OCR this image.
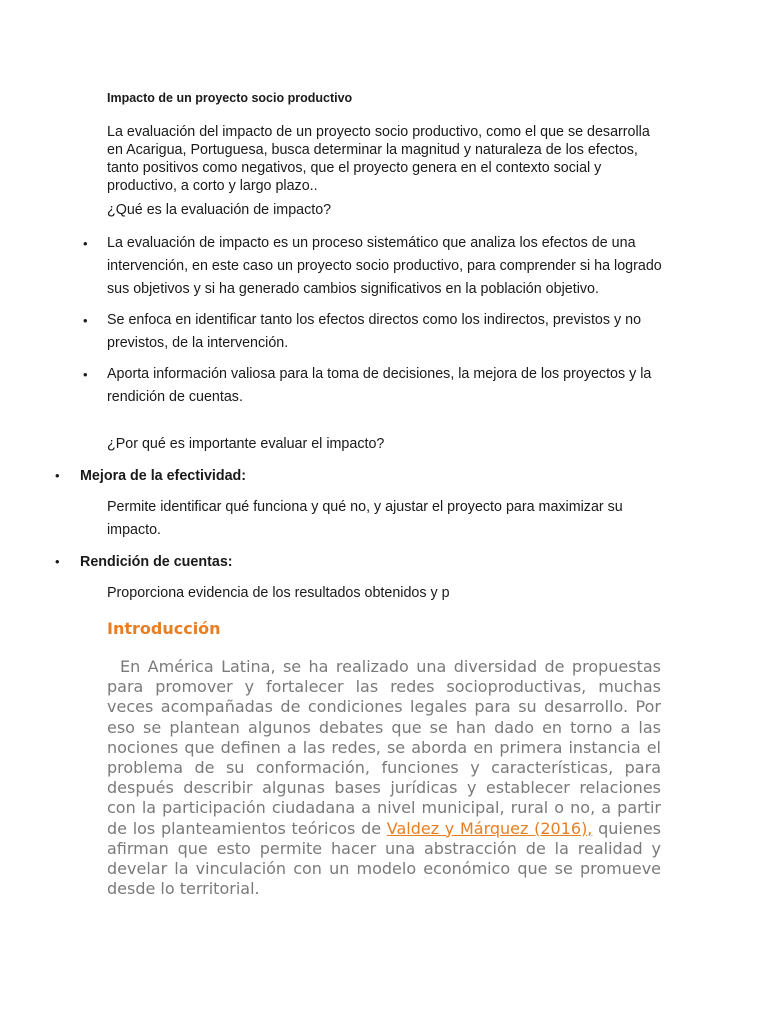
Impacto de un proyecto socio productivo
La evaluación del impacto de un proyecto socio productivo, como el que se desarrolla en Acarigua, Portuguesa, busca determinar la magnitud y naturaleza de los efectos, tanto positivos como negativos, que el proyecto genera en el contexto social y productivo, a corto y largo plazo..
¿Qué es la evaluación de impacto?
• La evaluación de impacto es un proceso sistemático que analiza los efectos de una intervención, en este caso un proyecto socio productivo, para comprender si ha logrado sus objetivos y si ha generado cambios significativos en la población objetivo.
• Se enfoca en identificar tanto los efectos directos como los indirectos, previstos y no previstos, de la intervención.
• Aporta información valiosa para la toma de decisiones, la mejora de los proyectos y la rendición de cuentas.
¿Por qué es importante evaluar el impacto?
• Mejora de la efectividad:
Permite identificar qué funciona y qué no, y ajustar el proyecto para maximizar su impacto.
• Rendición de cuentas:
Proporciona evidencia de los resultados obtenidos y p
Introducción

En América Latina, se ha realizado una diversidad de propuestas para promover y fortalecer las redes socioproductivas, muchas veces acompañadas de condiciones legales para su desarrollo. Por eso se plantean algunos debates que se han dado en torno a las nociones que definen a las redes, se aborda en primera instancia el problema de su conformación, funciones y características, para después describir algunas bases jurídicas y establecer relaciones con la participación ciudadana a nivel municipal, rural o no, a partir de los planteamientos teóricos de Valdez y Márquez (2016), quienes afirman que esto permite hacer una abstracción de la realidad y develar la vinculación con un modelo económico que se promueve desde lo territorial.
